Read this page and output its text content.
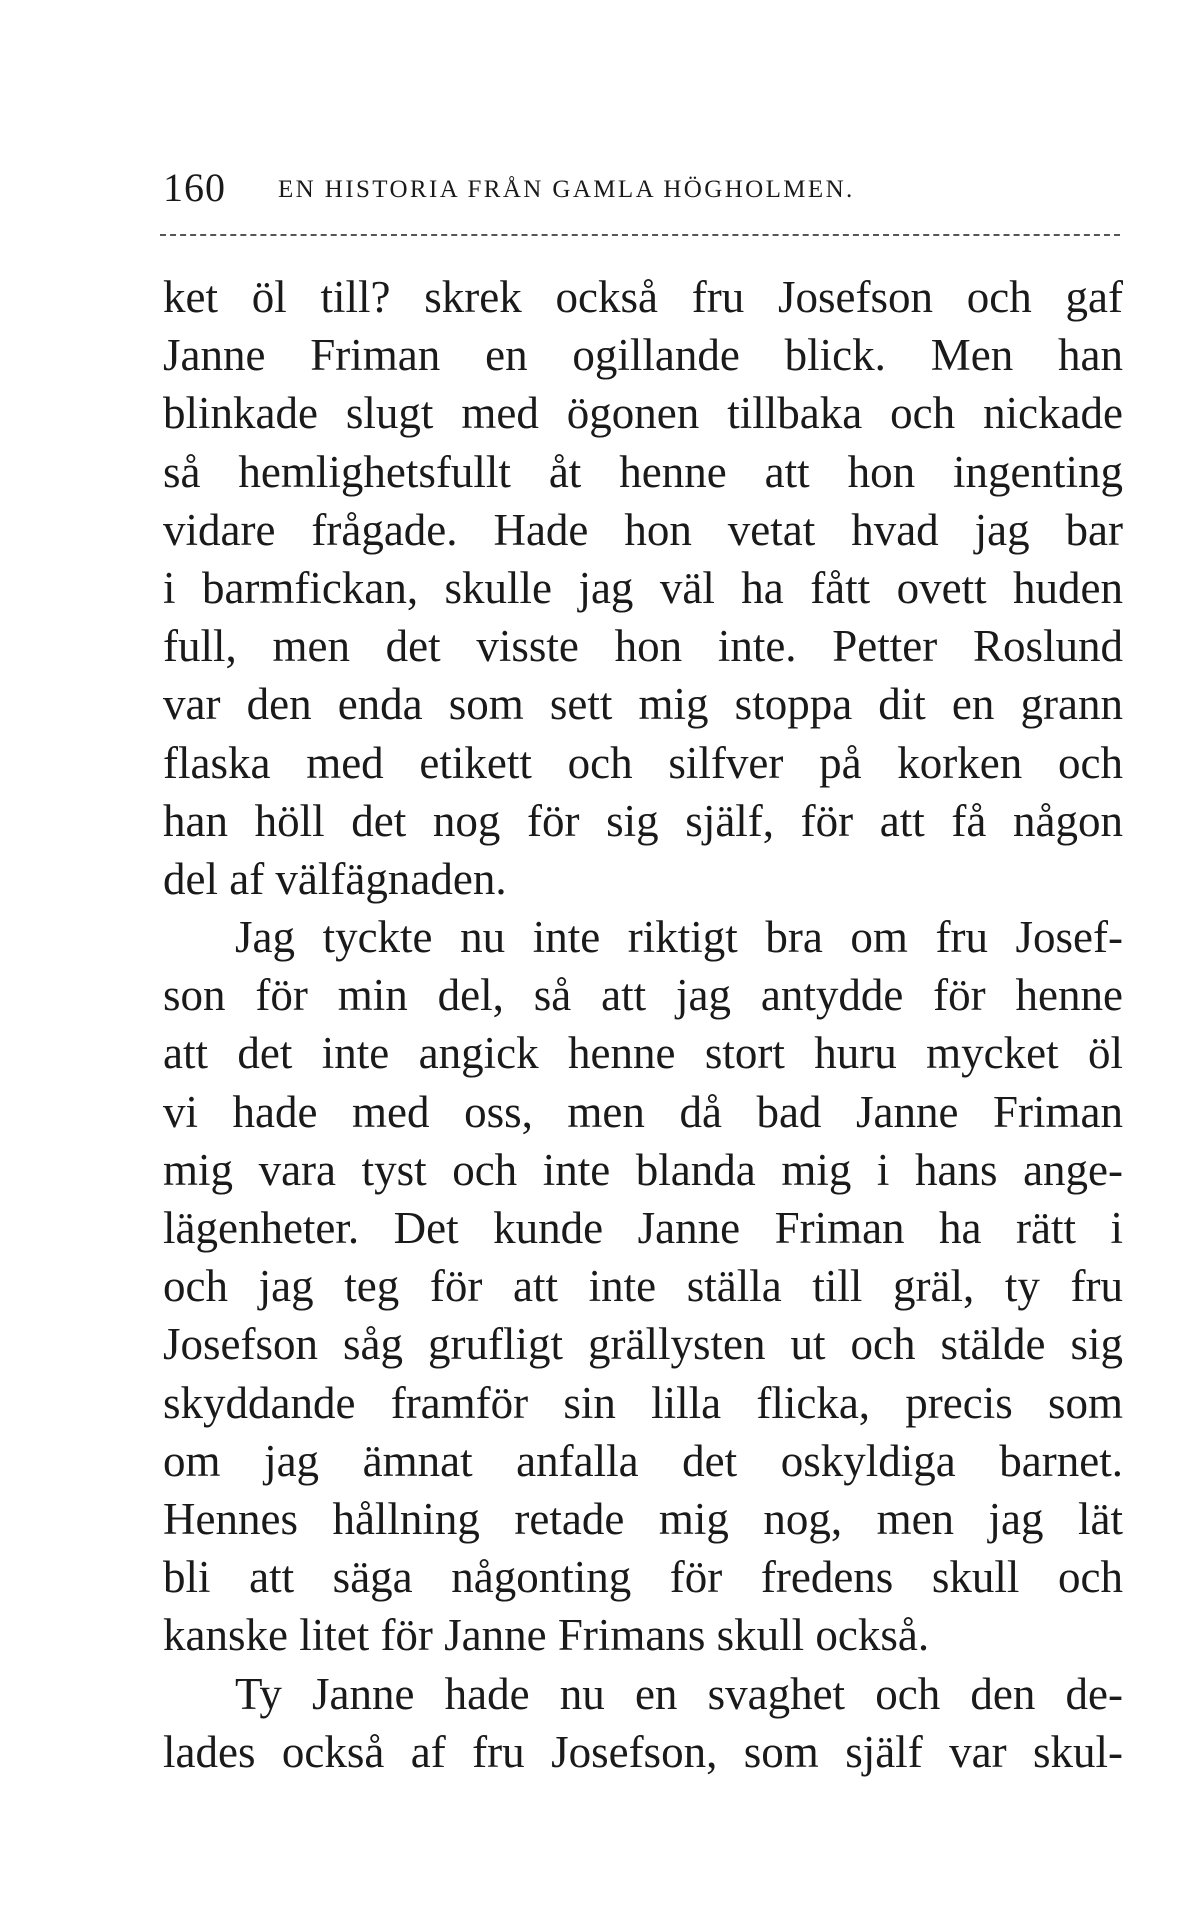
160 EN HISTORIA FRÅN GAMLA HÖGHOLMEN.
ket öl till? skrek också fru Josefson och gaf
Janne Friman en ogillande blick. Men han
blinkade slugt med ögonen tillbaka och nickade
så hemlighetsfullt åt henne att hon ingenting
vidare frågade. Hade hon vetat hvad jag bar
i barmfickan, skulle jag väl ha fått ovett huden
full, men det visste hon inte. Petter Roslund
var den enda som sett mig stoppa dit en grann
flaska med etikett och silfver på korken och
han höll det nog för sig själf, för att få någon
del af välfägnaden.
Jag tyckte nu inte riktigt bra om fru Josef-
son för min del, så att jag antydde för henne
att det inte angick henne stort huru mycket öl
vi hade med oss, men då bad Janne Friman
mig vara tyst och inte blanda mig i hans ange-
lägenheter. Det kunde Janne Friman ha rätt i
och jag teg för att inte ställa till gräl, ty fru
Josefson såg grufligt grällysten ut och stälde sig
skyddande framför sin lilla flicka, precis som
om jag ämnat anfalla det oskyldiga barnet.
Hennes hållning retade mig nog, men jag lät
bli att säga någonting för fredens skull och
kanske litet för Janne Frimans skull också.
Ty Janne hade nu en svaghet och den de-
lades också af fru Josefson, som själf var skul-
